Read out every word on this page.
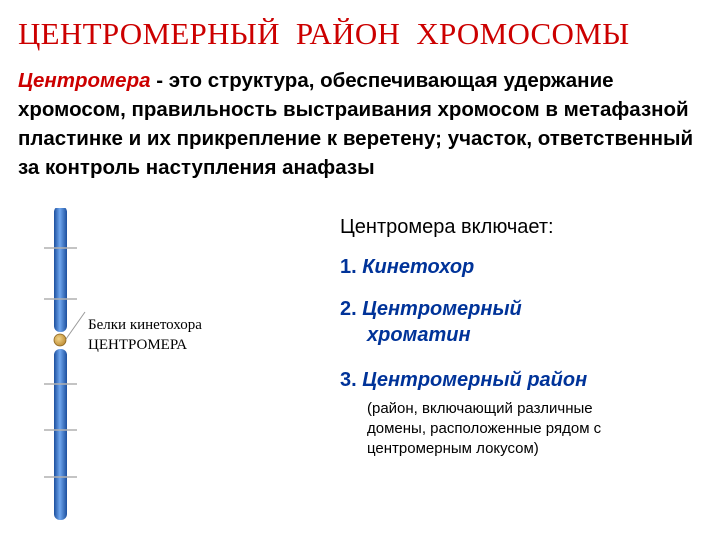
ЦЕНТРОМЕРНЫЙ  РАЙОН  ХРОМОСОМЫ
Центромера - это структура, обеспечивающая удержание хромосом, правильность выстраивания хромосом в метафазной пластинке и их прикрепление к веретену; участок, ответственный за контроль наступления анафазы
Белки кинетохора
ЦЕНТРОМЕРА
Центромера включает:
1. Кинетохор
2. Центромерный
хроматин
3. Центромерный район
(район, включающий различные
домены, расположенные рядом с
центромерным локусом)
